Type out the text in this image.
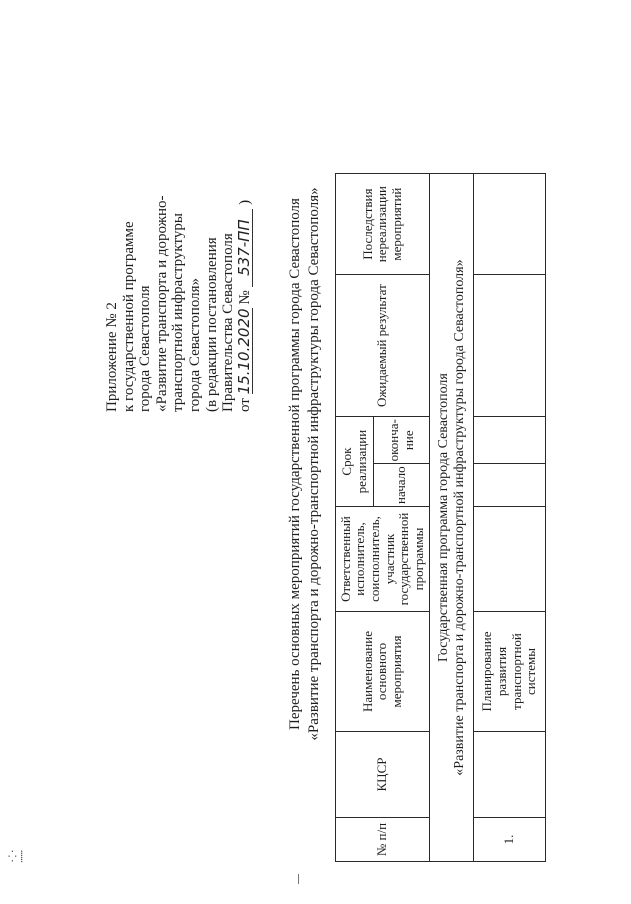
⁛ ⸽
Приложение № 2 к государственной программе города Севастополя «Развитие транспорта и дорожно- транспортной инфраструктуры города Севастополя» (в редакции постановления Правительства Севастополя от 15.10.2020 № 537-ПП ) Перечень основных мероприятий государственной программы города Севастополя «Развитие транспорта и дорожно-транспортной инфраструктуры города Севастополя»
№ п/п	КЦСР	Наименование основного мероприятия	Ответственный исполнитель, соисполнитель, участник государственной программы	Срок реализации		Ожидаемый результат	Последствия нереализации мероприятий
				начало	оконча-ние		

Государственная программа города Севастополя «Развитие транспорта и дорожно-транспортной инфраструктуры города Севастополя»							

1.		Планирование развития транспортной системы					
